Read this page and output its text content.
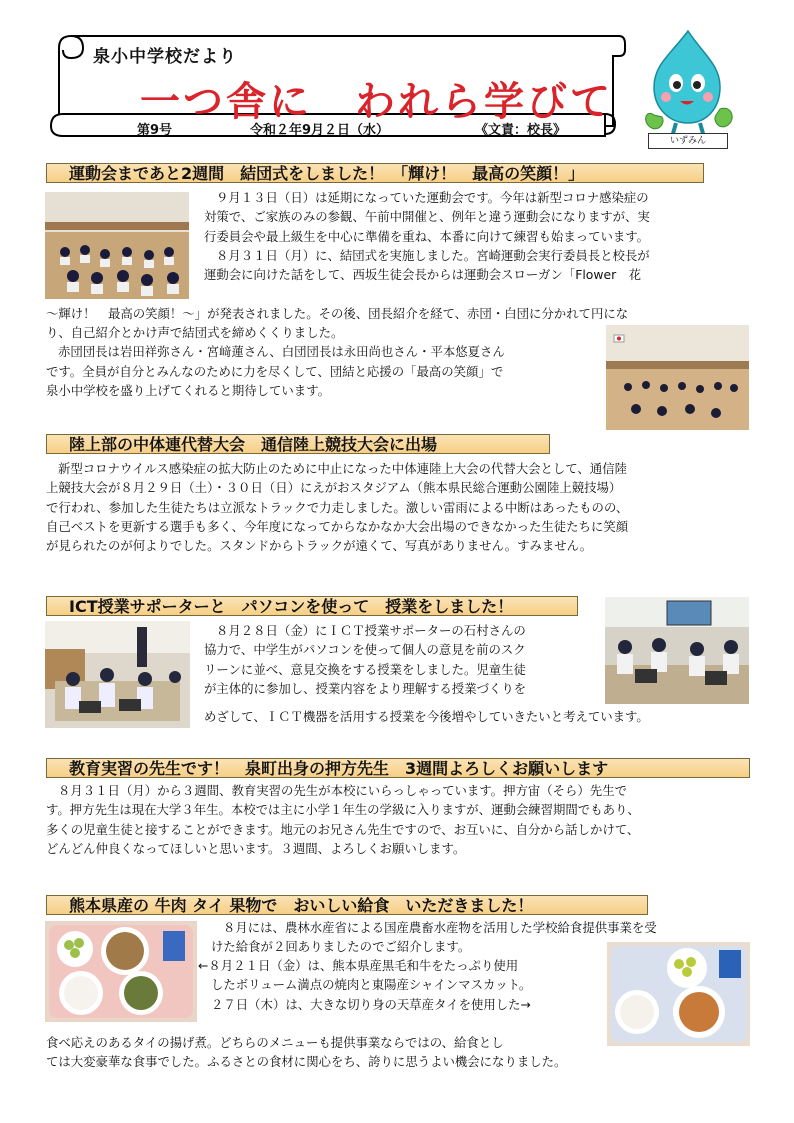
泉小中学校だより
一つ舎に　われら学びて
第9号	令和２年9月２日（水）	《文責：校長》
いずみん
運動会まであと2週間　結団式をしました！　「輝け！　最高の笑顔！」
９月１３日（日）は延期になっていた運動会です。今年は新型コロナ感染症の
対策で、ご家族のみの参観、午前中開催と、例年と違う運動会になりますが、実
行委員会や最上級生を中心に準備を重ね、本番に向けて練習も始まっています。
８月３１日（月）に、結団式を実施しました。宮崎運動会実行委員長と校長が
運動会に向けた話をして、西坂生徒会長からは運動会スローガン「Flower　花
～輝け！　最高の笑顔！～」が発表されました。その後、団長紹介を経て、赤団・白団に分かれて円にな
り、自己紹介とかけ声で結団式を締めくくりました。
赤団団長は岩田祥弥さん・宮﨑蓮さん、白団団長は永田尚也さん・平本悠夏さん
です。全員が自分とみんなのために力を尽くして、団結と応援の「最高の笑顔」で
泉小中学校を盛り上げてくれると期待しています。
陸上部の中体連代替大会　通信陸上競技大会に出場
新型コロナウイルス感染症の拡大防止のために中止になった中体連陸上大会の代替大会として、通信陸
上競技大会が８月２９日（土）・３０日（日）にえがおスタジアム（熊本県民総合運動公園陸上競技場）
で行われ、参加した生徒たちは立派なトラックで力走しました。激しい雷雨による中断はあったものの、
自己ベストを更新する選手も多く、今年度になってからなかなか大会出場のできなかった生徒たちに笑顔
が見られたのが何よりでした。スタンドからトラックが遠くて、写真がありません。すみません。
ICT授業サポーターと　パソコンを使って　授業をしました！
８月２８日（金）にＩＣＴ授業サポーターの石村さんの
協力で、中学生がパソコンを使って個人の意見を前のスク
リーンに並べ、意見交換をする授業をしました。児童生徒
が主体的に参加し、授業内容をより理解する授業づくりを
めざして、ＩＣＴ機器を活用する授業を今後増やしていきたいと考えています。
教育実習の先生です！　泉町出身の押方先生　3週間よろしくお願いします
８月３１日（月）から３週間、教育実習の先生が本校にいらっしゃっています。押方宙（そら）先生で
す。押方先生は現在大学３年生。本校では主に小学１年生の学級に入りますが、運動会練習期間でもあり、
多くの児童生徒と接することができます。地元のお兄さん先生ですので、お互いに、自分から話しかけて、
どんどん仲良くなってほしいと思います。３週間、よろしくお願いします。
熊本県産の 牛肉 タイ 果物で　おいしい給食　いただきました！
８月には、農林水産省による国産農畜水産物を活用した学校給食提供事業を受
けた給食が２回ありましたのでご紹介します。
←８月２１日（金）は、熊本県産黒毛和牛をたっぷり使用
したボリューム満点の焼肉と東陽産シャインマスカット。
２７日（木）は、大きな切り身の天草産タイを使用した→
食べ応えのあるタイの揚げ煮。どちらのメニューも提供事業ならではの、給食とし
ては大変豪華な食事でした。ふるさとの食材に関心をち、誇りに思うよい機会になりました。
